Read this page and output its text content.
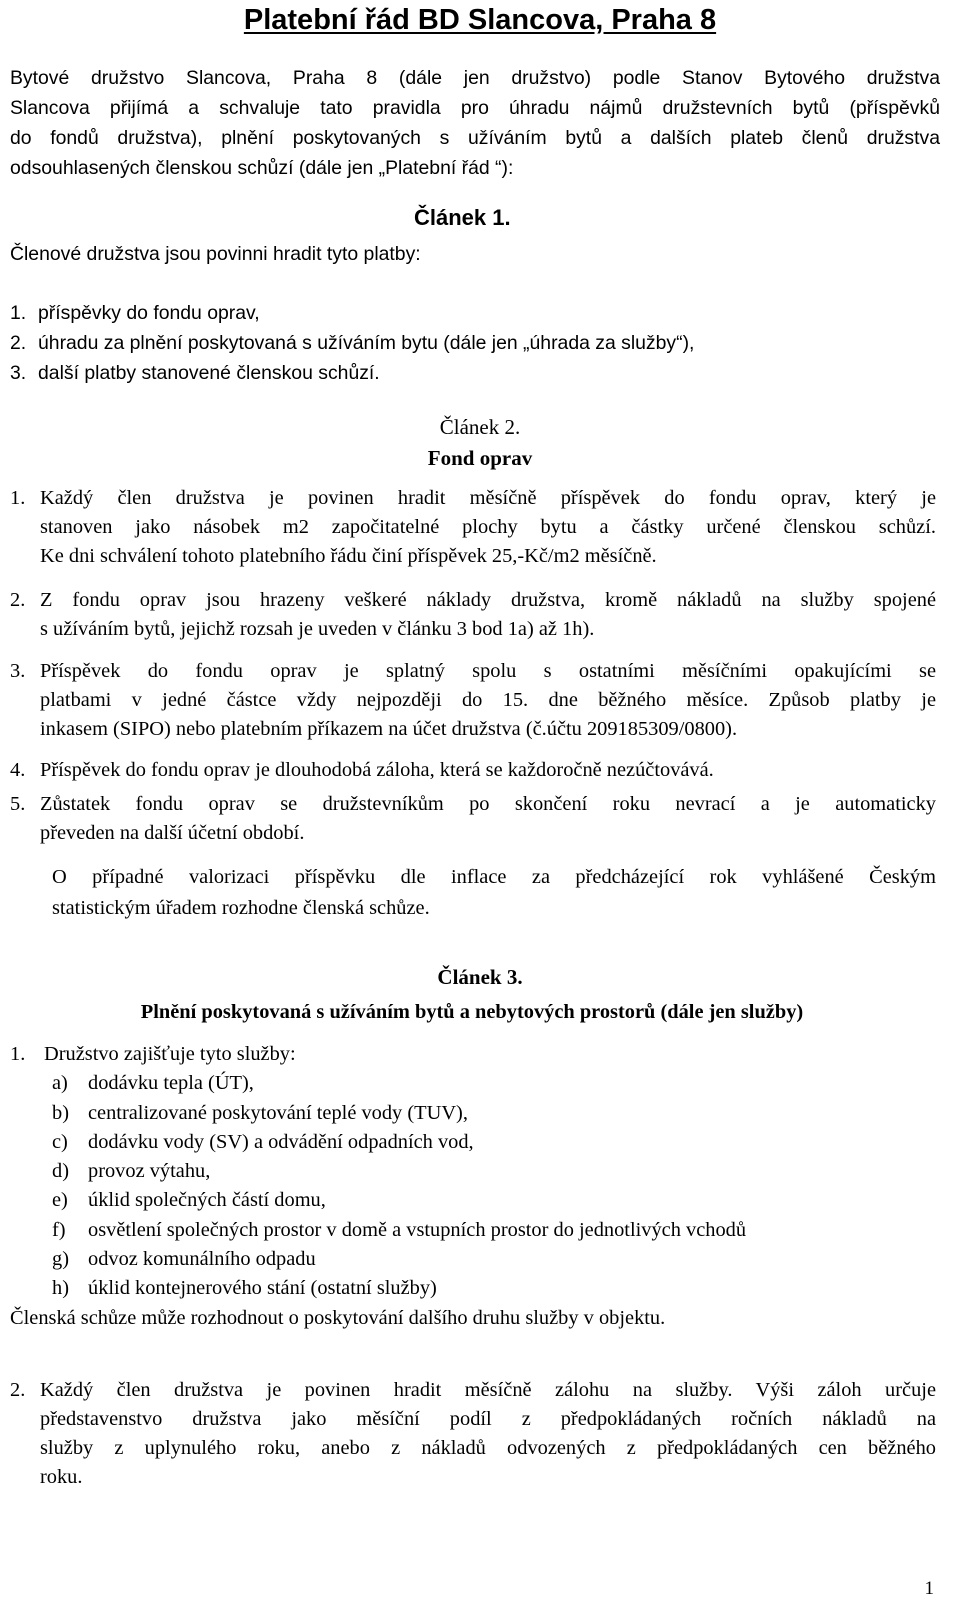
Platební řád BD Slancova, Praha 8
Bytové družstvo Slancova, Praha 8 (dále jen družstvo) podle Stanov Bytového družstva
Slancova přijímá a schvaluje tato pravidla pro úhradu nájmů družstevních bytů (příspěvků
do fondů družstva), plnění poskytovaných s užíváním bytů a dalších plateb členů družstva
odsouhlasených členskou schůzí (dále jen „Platební řád “):
Článek 1.
Členové družstva jsou povinni hradit tyto platby:
1. příspěvky do fondu oprav,
2. úhradu za plnění poskytovaná s užíváním bytu (dále jen „úhrada za služby“),
3. další platby stanovené členskou schůzí.
Článek 2.
Fond oprav
1. Každý člen družstva je povinen hradit měsíčně příspěvek do fondu oprav, který je
stanoven jako násobek m2 započitatelné plochy bytu a částky určené členskou schůzí.
Ke dni schválení tohoto platebního řádu činí příspěvek 25,-Kč/m2 měsíčně.
2. Z fondu oprav jsou hrazeny veškeré náklady družstva, kromě nákladů na služby spojené
s užíváním bytů, jejichž rozsah je uveden v článku 3 bod 1a) až 1h).
3. Příspěvek do fondu oprav je splatný spolu s ostatními měsíčními opakujícími se
platbami v jedné částce vždy nejpozději do 15. dne běžného měsíce. Způsob platby je
inkasem (SIPO) nebo platebním příkazem na účet družstva (č.účtu 209185309/0800).
4. Příspěvek do fondu oprav je dlouhodobá záloha, která se každoročně nezúčtovává.
5. Zůstatek fondu oprav se družstevníkům po skončení roku nevrací a je automaticky
převeden na další účetní období.
O případné valorizaci příspěvku dle inflace za předcházející rok vyhlášené Českým
statistickým úřadem rozhodne členská schůze.
Článek 3.
Plnění poskytovaná s užíváním bytů a nebytových prostorů (dále jen služby)
1. Družstvo zajišťuje tyto služby:
a) dodávku tepla (ÚT),
b) centralizované poskytování teplé vody (TUV),
c) dodávku vody (SV) a odvádění odpadních vod,
d) provoz výtahu,
e) úklid společných částí domu,
f) osvětlení společných prostor v domě a vstupních prostor do jednotlivých vchodů
g) odvoz komunálního odpadu
h) úklid kontejnerového stání (ostatní služby)
Členská schůze může rozhodnout o poskytování dalšího druhu služby v objektu.
2. Každý člen družstva je povinen hradit měsíčně zálohu na služby. Výši záloh určuje
představenstvo družstva jako měsíční podíl z předpokládaných ročních nákladů na
služby z uplynulého roku, anebo z nákladů odvozených z předpokládaných cen běžného
roku.
1
